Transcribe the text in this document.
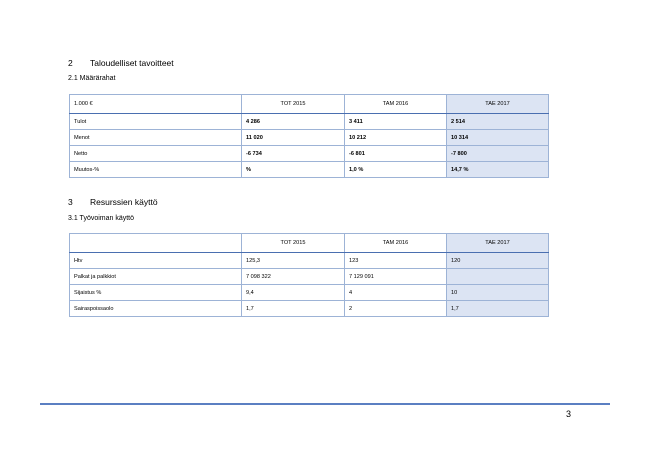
2 Taloudelliset tavoitteet
2.1 Määrärahat
1.000 €	TOT 2015	TAM 2016	TAE 2017
Tulot	4 286	3 411	2 514
Menot	11 020	10 212	10 314
Netto	-6 734	-6 801	-7 800
Muutos-%	%	1,0 %	14,7 %
3 Resurssien käyttö
3.1 Työvoiman käyttö
	TOT 2015	TAM 2016	TAE 2017
Htv	125,3	123	120
Palkat ja palkkiot	7 098 322	7 129 091	
Sijaistus %	9,4	4	10
Sairaspoissaolo	1,7	2	1,7
3
